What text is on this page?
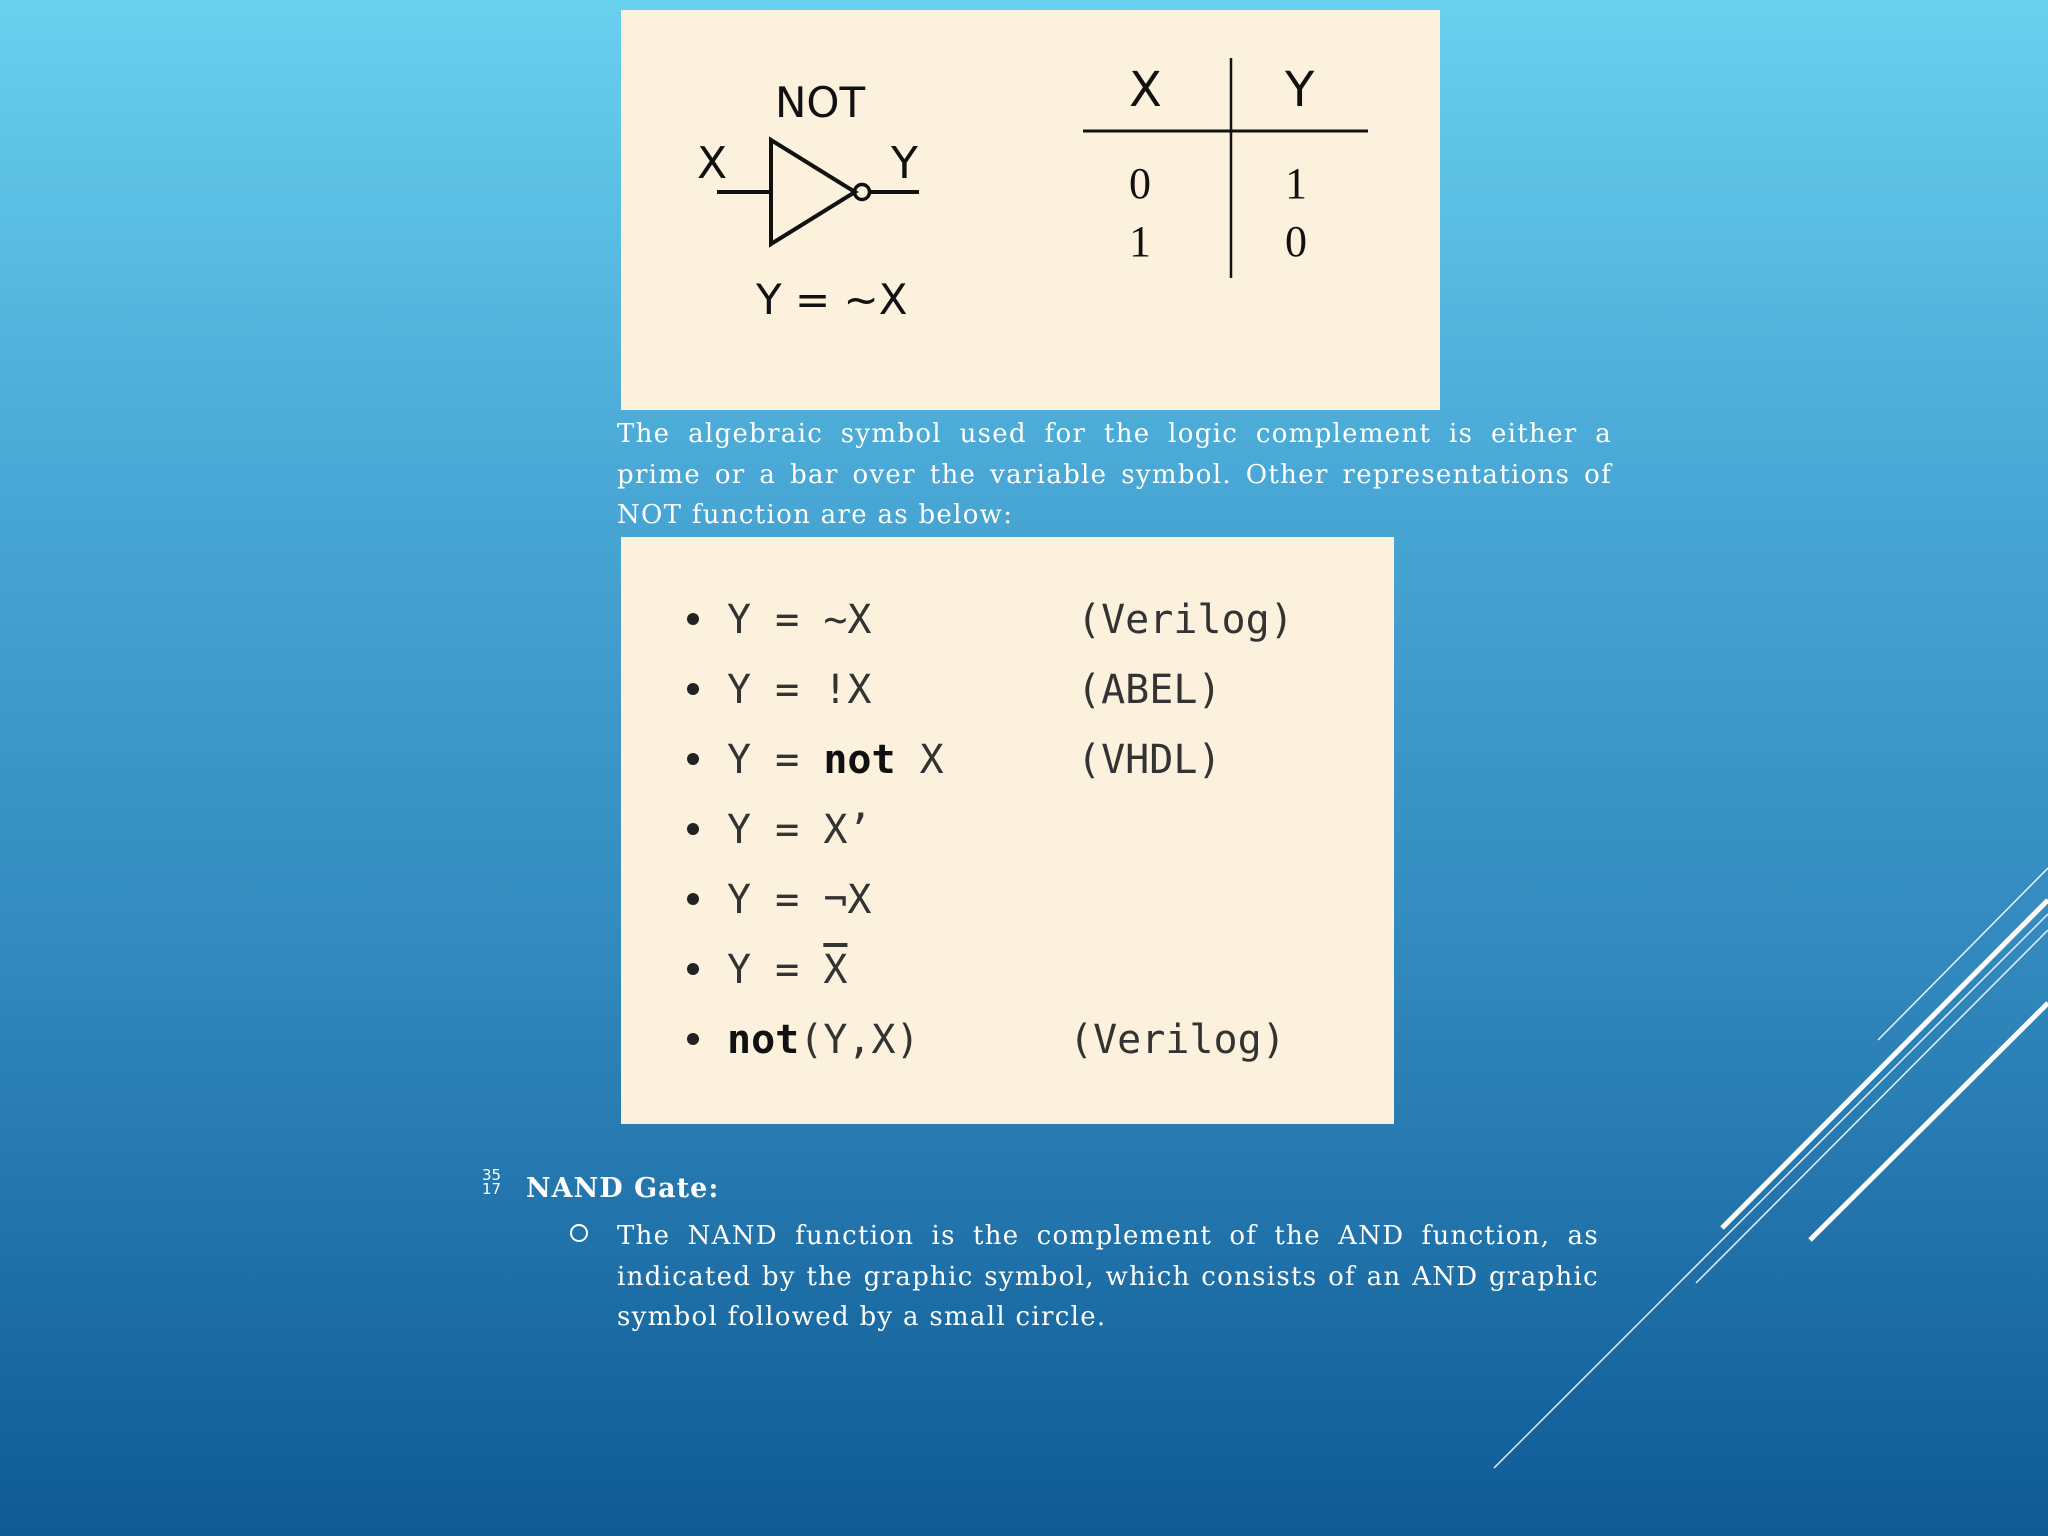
NOT
X	Y
Y = ~X
X	Y
0	1
1	0

The algebraic symbol used for the logic complement is either a prime or a bar over the variable symbol. Other representations of NOT function are as below:

Y = ~X	(Verilog)
Y = !X	(ABEL)
Y = not X	(VHDL)
Y = X’
Y = ¬X
$Y = \overline{X}$
not(Y,X)	(Verilog)
35
17 NAND Gate:

The NAND function is the complement of the AND function, as indicated by the graphic symbol, which consists of an AND graphic symbol followed by a small circle.
